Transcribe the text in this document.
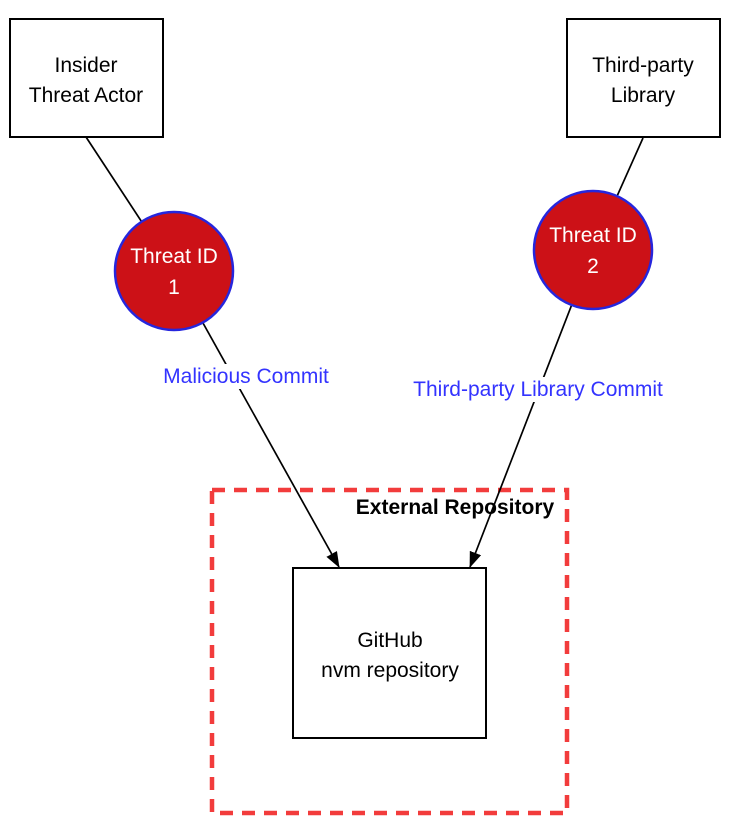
External Repository
Malicious Commit
Third-party Library Commit
Threat ID
1
Threat ID
2
Insider
Threat Actor
Third-party
Library
GitHub
nvm repository
